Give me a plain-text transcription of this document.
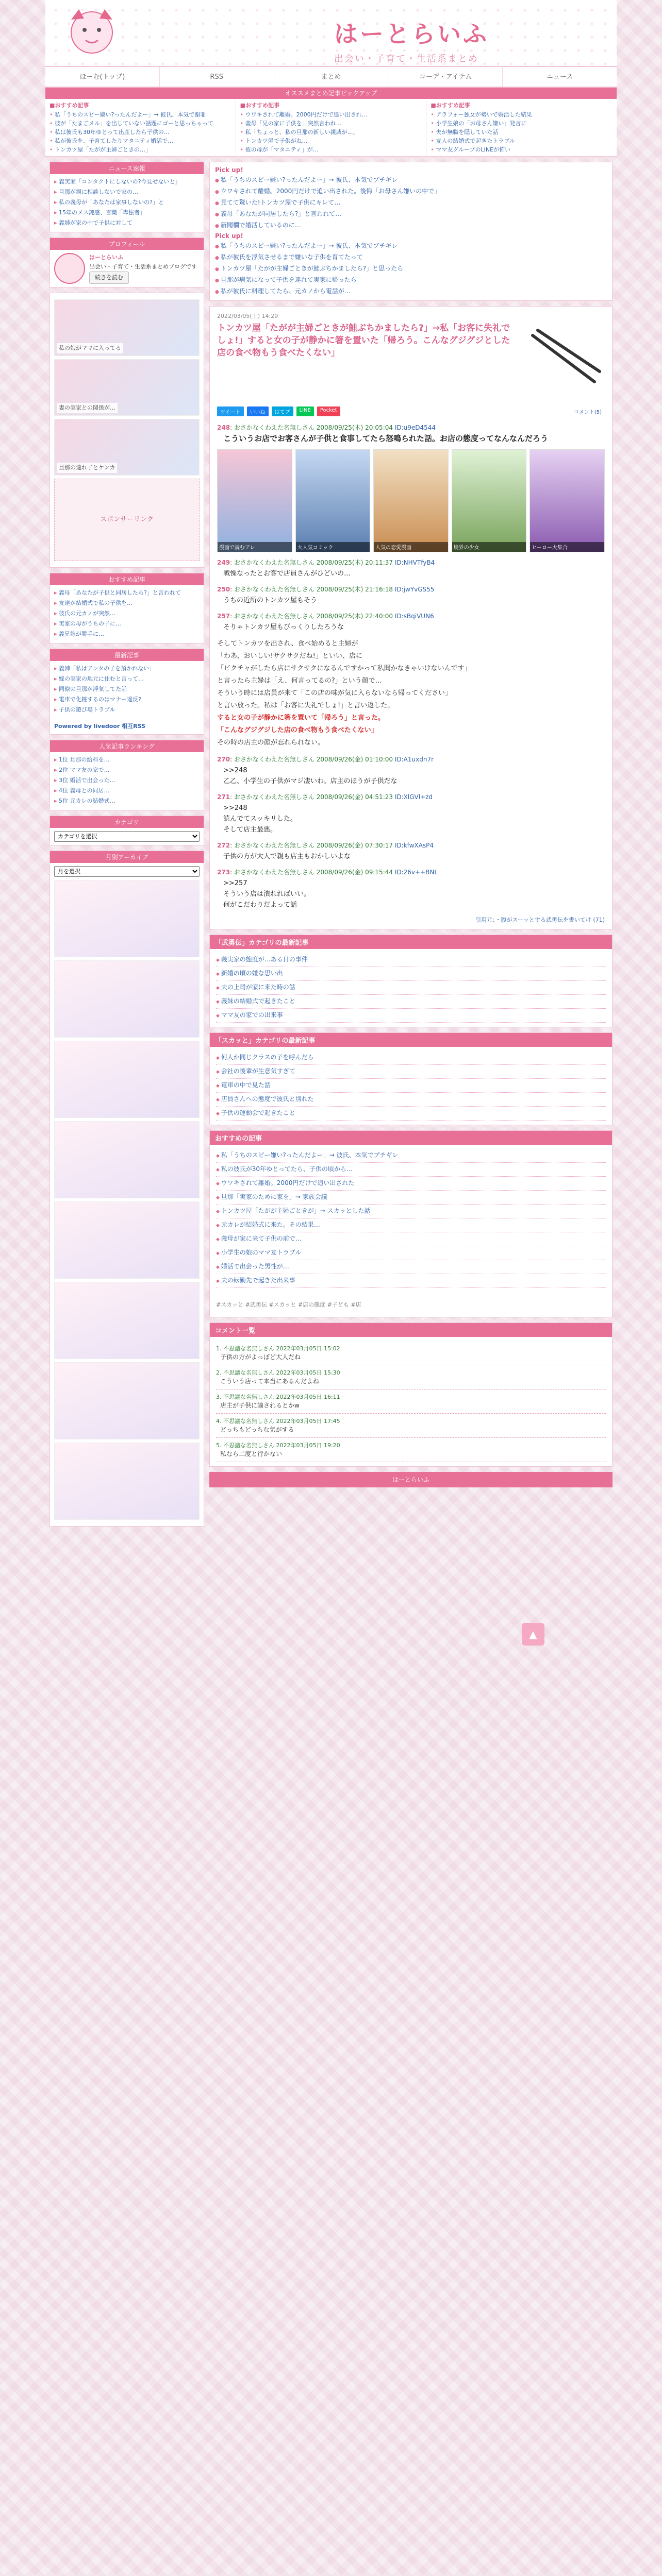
はーとらいふ
出会い・子育て・生活系まとめ
ほーむ(トップ)	RSS	まとめ	コーデ・アイテム	ニュース
オススメまとめ記事ピックアップ
■おすすめ記事
• 私「うちのスピー嫌い?ったんだよー」→ 彼氏、本気で謝罪
• 彼が「たまごメル」を出していない話題にゴーと思っちゃって
• 私は彼氏も30年ゆとって出産したら子供の…
• 私が彼氏を、子育てしたりマタニティ婚活で…
• トンカツ屋「たがが主婦ごときの…」
■おすすめ記事
• ウワキされて離婚。2000円だけで追い出され…
• 義母「兄の家に子供を」突然言われ…
• 私「ちょっと、私の旦那の新しい親戚が…」
• トンカツ屋で子供がね…
• 彼の母が「マタニティ」が…
■おすすめ記事
• アラフォー独女が勢いで婚活した結果
• 小学生娘の「お母さん嫌い」発言に
• 夫が無職を隠していた話
• 友人の結婚式で起きたトラブル
• ママ友グループのLINEが怖い
ニュース速報
▸ 義実家「コンタクトにしないの?今見せないと」
▸ 旦那が親に相談しないで家の…
▸ 私の義母が「あなたは家事しないの?」と
▸ 15年のメス鈍感、言葉「卑怯者」
▸ 義姉が家の中で子供に対して
プロフィール
はーとらいふ
出会い・子育て・生活系まとめブログです
続きを読む
私の娘がママに入ってる
妻の実家との関係が…
旦那の連れ子とケンカ
スポンサーリンク
おすすめ記事
▸ 義母「あなたが子供と同居したら?」と言われて
▸ 友達が結婚式で私の子供を…
▸ 彼氏の元カノが突然…
▸ 実家の母がうちの子に…
▸ 義兄嫁が勝手に…
最新記事
▸ 義姉「私はアンタの子を預かれない」
▸ 嫁の実家の地元に住むと言って…
▸ 同僚の旦那が浮気してた話
▸ 電車で化粧するのはマナー違反?
▸ 子供の遊び場トラブル
Powered by livedoor 相互RSS
人気記事ランキング
▸ 1位 旦那の給料を…
▸ 2位 ママ友の家で…
▸ 3位 婚活で出会った…
▸ 4位 義母との同居…
▸ 5位 元カレの結婚式…
カテゴリ
カテゴリを選択
月別アーカイブ
月を選択
Pick up!
● 私「うちのスピー嫌い?ったんだよー」→ 彼氏、本気でブチギレ
● ウワキされて離婚。2000円だけで追い出された。後悔「お母さん嫌いの中で」
● 見てて驚いた!トンカツ屋で子供にキレて…
● 義母「あなたが同居したら?」と言われて…
● 新聞欄で婚活しているのに…
Pick up!
● 私「うちのスピー嫌い?ったんだよー」→ 彼氏、本気でブチギレ
● 私が彼氏を浮気させるまで嫌いな子供を育てたって
● トンカツ屋「たがが主婦ごときが鮭ぶちかましたら?」と思ったら
● 旦那が病気になって子供を連れて実家に帰ったら
● 私が彼氏に料理してたら、元カノから電話が…
2022/03/05(土) 14:29
トンカツ屋「たがが主婦ごときが鮭ぶちかましたら?」→私「お客に失礼でしょ!」すると女の子が静かに箸を置いた「帰ろう。こんなグジグジとした店の食べ物もう食べたくない」
ツイート	いいね	はてブ	LINE	Pocket	コメント(5)
248: おさかなくわえた名無しさん 2008/09/25(木) 20:05:04 ID:u9eD4544
こういうお店でお客さんが子供と食事してたら怒鳴られた話。お店の態度ってなんなんだろう
漫画で読むアレ	大人気コミック	人気の恋愛漫画	境界の少女	ヒーロー大集合
249: おさかなくわえた名無しさん 2008/09/25(木) 20:11:37 ID:NHVTfyB4
戦慄なったとお客で店員さんがひどいの…
250: おさかなくわえた名無しさん 2008/09/25(木) 21:16:18 ID:jwYvGS55
うちの近所のトンカツ屋もそう
257: おさかなくわえた名無しさん 2008/09/25(木) 22:40:00 ID:sBqiVUN6
そりゃトンカツ屋もびっくりしたろうな
そしてトンカツを出され、食べ始めると主婦が
「わあ、おいしい!サクサクだね!」といい、店に
「ビクチャがしたら店にサクサクになるんですかって私聞かなきゃいけないんです」
と言ったら主婦は「え、何言ってるの?」という顔で…
そういう時には店員が来て「この店の味が気に入らないなら帰ってください」
と言い放った。私は「お客に失礼でしょ!」と言い返した。
すると女の子が静かに箸を置いて「帰ろう」と言った。
「こんなグジグジした店の食べ物もう食べたくない」
その時の店主の顔が忘れられない。
270: おさかなくわえた名無しさん 2008/09/26(金) 01:10:00 ID:A1uxdn7r
>>248
乙乙、小学生の子供がマジ凄いわ。店主のほうが子供だな
271: おさかなくわえた名無しさん 2008/09/26(金) 04:51:23 ID:XlGVl+zd
>>248
読んでてスッキリした。
そして店主最悪。
272: おさかなくわえた名無しさん 2008/09/26(金) 07:30:17 ID:kfwXAsP4
子供の方が大人で親も店主もおかしいよな
273: おさかなくわえた名無しさん 2008/09/26(金) 09:15:44 ID:26v++BNL
>>257
そういう店は潰れればいい。
何がこだわりだよって話
引用元：・腹がスーッとする武勇伝を書いてけ (71)
「武勇伝」カテゴリの最新記事
◆ 義実家の態度が…ある日の事件
◆ 新婚の頃の嫌な思い出
◆ 夫の上司が家に来た時の話
◆ 義妹の結婚式で起きたこと
◆ ママ友の家での出来事
「スカッと」カテゴリの最新記事
◆ 何人か同じクラスの子を呼んだら
◆ 会社の後輩が生意気すぎて
◆ 電車の中で見た話
◆ 店員さんへの態度で彼氏と別れた
◆ 子供の運動会で起きたこと
おすすめの記事
◆ 私「うちのスピー嫌い?ったんだよー」→ 彼氏、本気でブチギレ
◆ 私の彼氏が30年ゆとってたら、子供の頃から…
◆ ウワキされて離婚。2000円だけで追い出された
◆ 旦那「実家のために家を」→ 家族会議
◆ トンカツ屋「たがが主婦ごときが」→ スカッとした話
◆ 元カレが結婚式に来た。その結果…
◆ 義母が家に来て子供の前で…
◆ 小学生の娘のママ友トラブル
◆ 婚活で出会った男性が…
◆ 夫の転勤先で起きた出来事
#スカッと #武勇伝 #スカッと #店の態度 #子ども #店
コメント一覧
1. 不思議な名無しさん 2022年03月05日 15:02
子供の方がよっぽど大人だね
2. 不思議な名無しさん 2022年03月05日 15:30
こういう店って本当にあるんだよね
3. 不思議な名無しさん 2022年03月05日 16:11
店主が子供に諭されるとかw
4. 不思議な名無しさん 2022年03月05日 17:45
どっちもどっちな気がする
5. 不思議な名無しさん 2022年03月05日 19:20
私なら二度と行かない
はーとらいふ
▲
